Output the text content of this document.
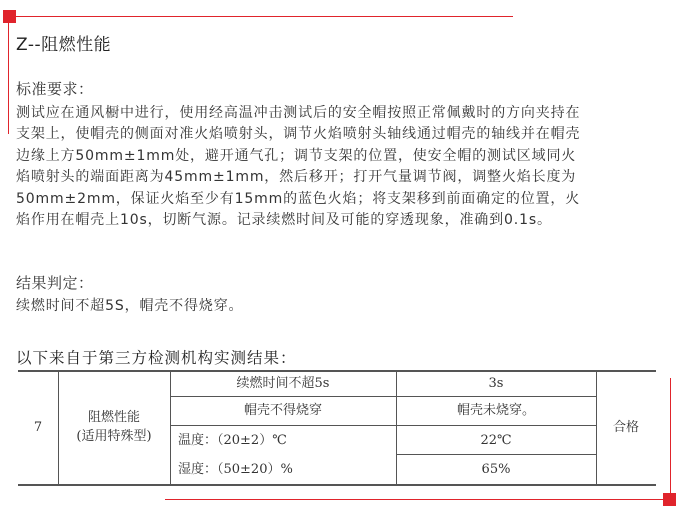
Z--阻燃性能
标准要求：
测试应在通风橱中进行，使用经高温冲击测试后的安全帽按照正常佩戴时的方向夹持在
支架上，使帽壳的侧面对准火焰喷射头，调节火焰喷射头轴线通过帽壳的轴线并在帽壳
边缘上方50mm±1mm处，避开通气孔；调节支架的位置，使安全帽的测试区域同火
焰喷射头的端面距离为45mm±1mm，然后移开；打开气量调节阀，调整火焰长度为
50mm±2mm，保证火焰至少有15mm的蓝色火焰；将支架移到前面确定的位置，火
焰作用在帽壳上10s，切断气源。记录续燃时间及可能的穿透现象，准确到0.1s。
结果判定：
续燃时间不超5S，帽壳不得烧穿。
以下来自于第三方检测机构实测结果：
7
阻燃性能
(适用特殊型)
续燃时间不超5s	3s
帽壳不得烧穿	帽壳未烧穿。
温度：（20±2）℃
湿度：（50±20）%
22℃
65%
合格
